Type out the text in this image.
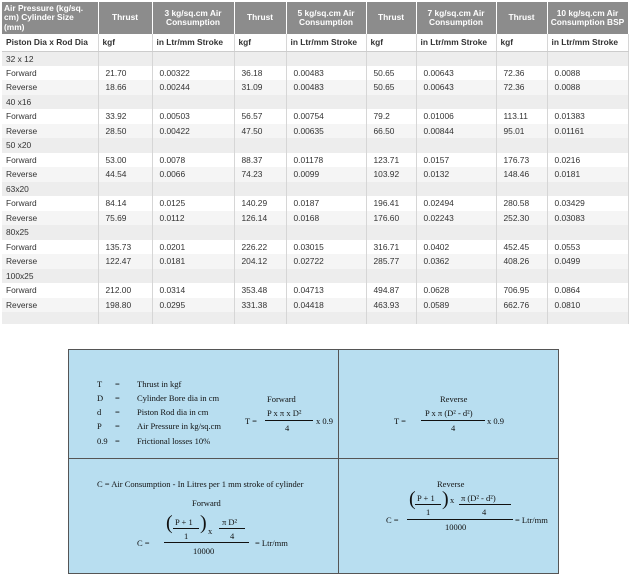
Air Pressure (kg/sq. cm) Cylinder Size (mm)	Thrust	3 kg/sq.cm Air Consumption	Thrust	5 kg/sq.cm Air Consumption	Thrust	7 kg/sq.cm Air Consumption	Thrust	10 kg/sq.cm Air Consumption BSP
Piston Dia x Rod Dia	kgf	in Ltr/mm Stroke	kgf	in Ltr/mm Stroke	kgf	in Ltr/mm Stroke	kgf	in Ltr/mm Stroke
32 x 12								
Forward	21.70	0.00322	36.18	0.00483	50.65	0.00643	72.36	0.0088
Reverse	18.66	0.00244	31.09	0.00483	50.65	0.00643	72.36	0.0088
40 x16								
Forward	33.92	0.00503	56.57	0.00754	79.2	0.01006	113.11	0.01383
Reverse	28.50	0.00422	47.50	0.00635	66.50	0.00844	95.01	0.01161
50 x20								
Forward	53.00	0.0078	88.37	0.01178	123.71	0.0157	176.73	0.0216
Reverse	44.54	0.0066	74.23	0.0099	103.92	0.0132	148.46	0.0181
63x20								
Forward	84.14	0.0125	140.29	0.0187	196.41	0.02494	280.58	0.03429
Reverse	75.69	0.0112	126.14	0.0168	176.60	0.02243	252.30	0.03083
80x25								
Forward	135.73	0.0201	226.22	0.03015	316.71	0.0402	452.45	0.0553
Reverse	122.47	0.0181	204.12	0.02722	285.77	0.0362	408.26	0.0499
100x25								
Forward	212.00	0.0314	353.48	0.04713	494.87	0.0628	706.95	0.0864
Reverse	198.80	0.0295	331.38	0.04418	463.93	0.0589	662.76	0.0810

T = Thrust in kgf
D = Cylinder Bore dia in cm
d = Piston Rod dia in cm
P = Air Pressure in kg/sq.cm
0.9 = Frictional losses 10%
Forward
T =
P x π x D²
4
x 0.9
Reverse
T =
P x π (D² - d²)
4
x 0.9
C = Air Consumption - In Litres per 1 mm stroke of cylinder
Forward
C =
( P + 1
1
) x
π D²
4
10000
= Ltr/mm
Reverse
C =
( P + 1
1
) x π (D² - d²)
4
10000
= Ltr/mm
